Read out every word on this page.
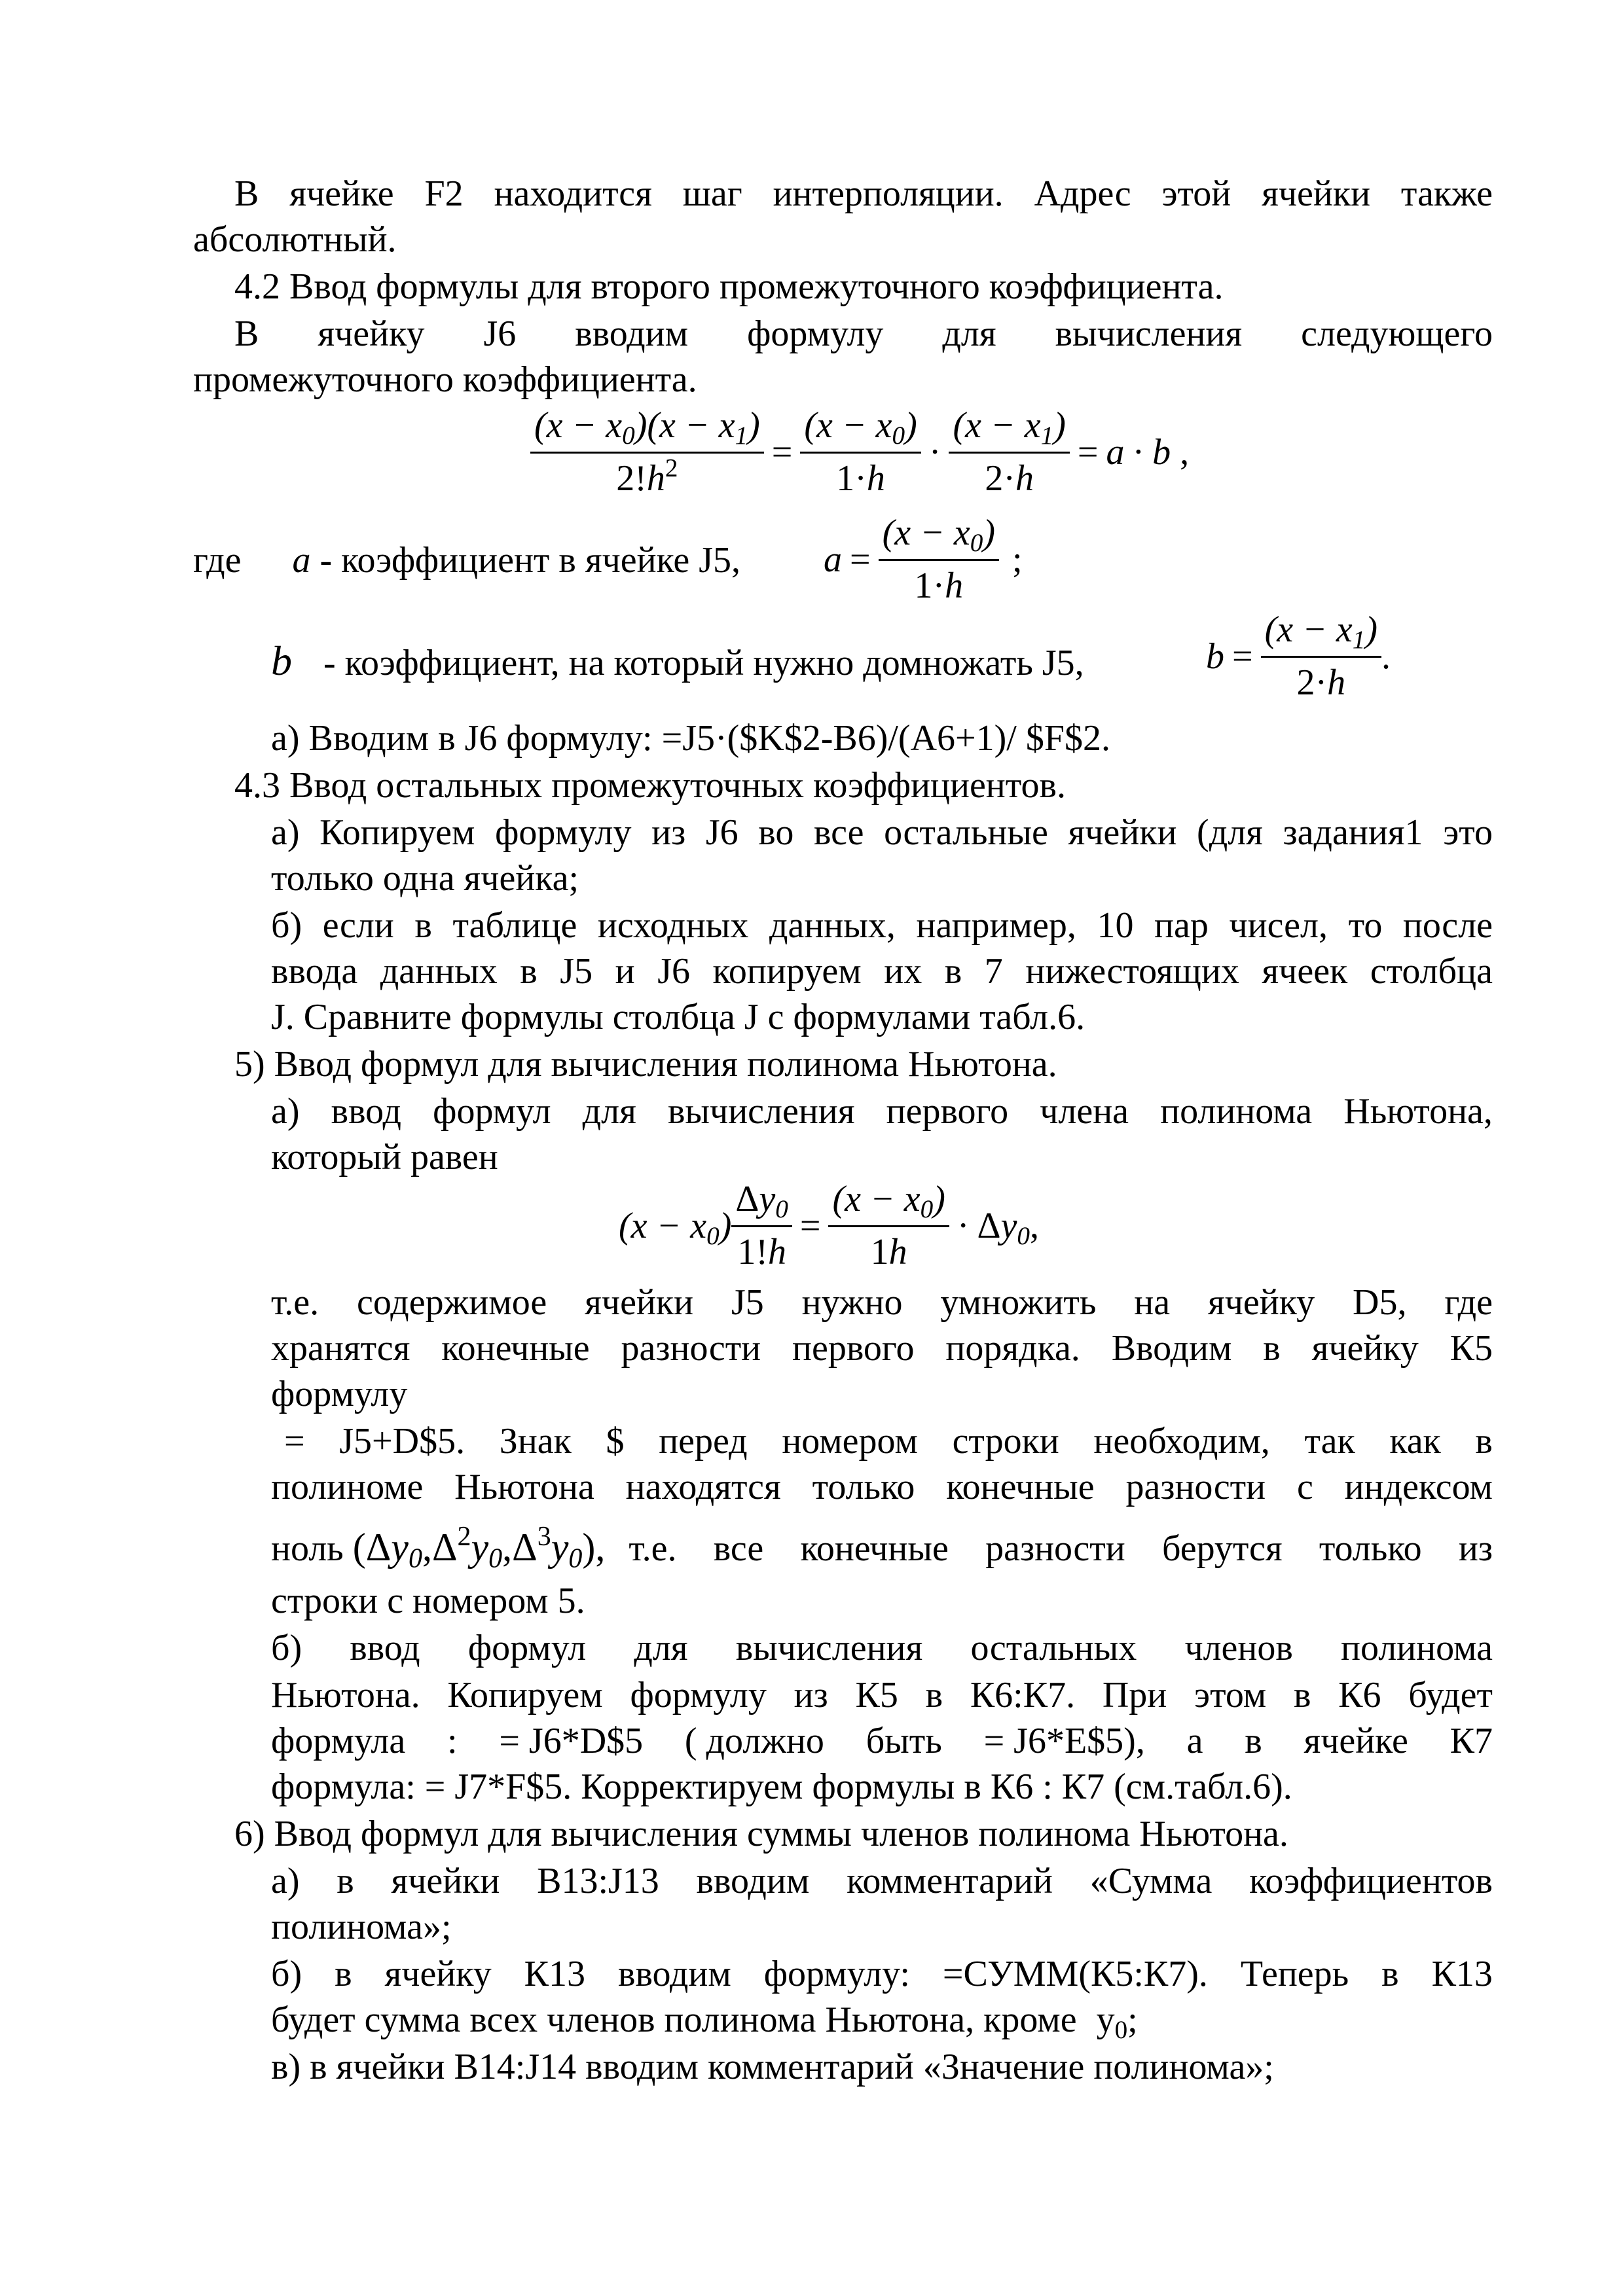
В ячейке F2 находится шаг интерполяции. Адрес этой ячейки также
абсолютный.
4.2 Ввод формулы для второго промежуточного коэффициента.
В ячейку J6 вводим формулу для вычисления следующего
промежуточного коэффициента.
$\frac{(x - x_0)(x - x_1)}{2!h^2} = \frac{(x - x_0)}{1\cdot h} \cdot \frac{(x - x_1)}{2\cdot h} = a \cdot b$ ,
где a - коэффициент в ячейке J5, $a = \frac{(x - x_0)}{1\cdot h}$ ;
b - коэффициент, на который нужно домножать J5,	$b = \frac{(x - x_1)}{2\cdot h}$ .
а) Вводим в J6 формулу: =J5·($K$2-B6)/(A6+1)/ $F$2.
4.3 Ввод остальных промежуточных коэффициентов.
а) Копируем формулу из J6 во все остальные ячейки (для задания1 это
только одна ячейка;
б) если в таблице исходных данных, например, 10 пар чисел, то после
ввода данных в J5 и J6 копируем их в 7 нижестоящих ячеек столбца
J. Сравните формулы столбца J с формулами табл.6.
5) Ввод формул для вычисления полинома Ньютона.
а) ввод формул для вычисления первого члена полинома Ньютона,
который равен
$(x - x_0) \frac{\Delta y_0}{1!h} = \frac{(x - x_0)}{1h} \cdot \Delta y_0$ ,
т.е. содержимое ячейки J5 нужно умножить на ячейку D5, где
хранятся конечные разности первого порядка. Вводим в ячейку К5
формулу
= J5+D$5. Знак $ перед номером строки необходим, так как в
полиноме Ньютона находятся только конечные разности с индексом
ноль $(\Delta y_0,\Delta^2y_0,\Delta^3y_0)$, т.е. все конечные разности берутся только из
строки с номером 5.
б) ввод формул для вычисления остальных членов полинома
Ньютона. Копируем формулу из К5 в К6:К7. При этом в К6 будет
формула : = J6*D$5 ( должно быть = J6*E$5), а в ячейке К7
формула: = J7*F$5. Корректируем формулы в К6 : К7 (см.табл.6).
6) Ввод формул для вычисления суммы членов полинома Ньютона.
а) в ячейки В13:J13 вводим комментарий «Сумма коэффициентов
полинома»;
б) в ячейку К13 вводим формулу: =СУММ(К5:К7). Теперь в К13
будет сумма всех членов полинома Ньютона, кроме $y_0$;
в) в ячейки В14:J14 вводим комментарий «Значение полинома»;
